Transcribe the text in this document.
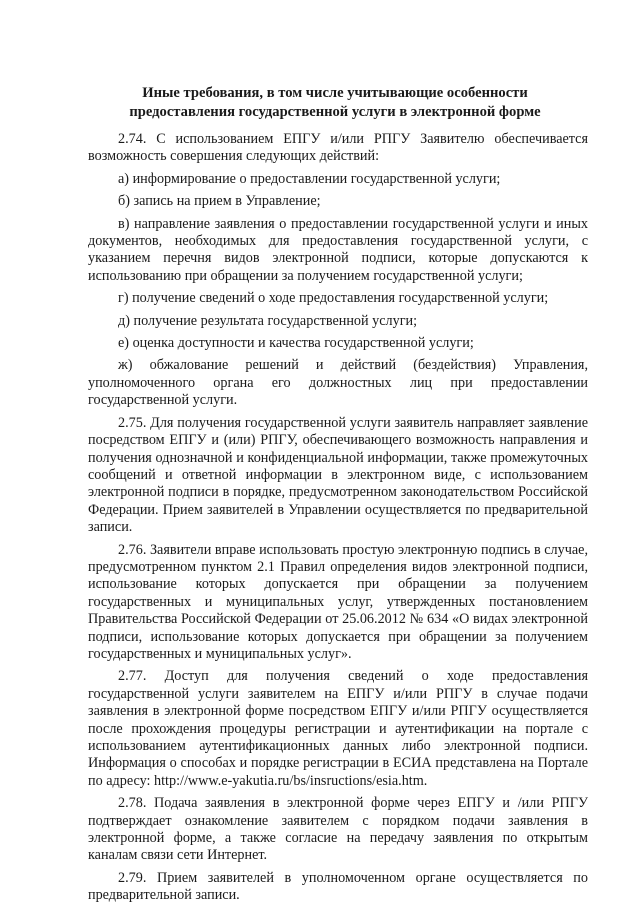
Иные требования, в том числе учитывающие особенности
предоставления государственной услуги в электронной форме

2.74. С использованием ЕПГУ и/или РПГУ Заявителю обеспечивается возможность совершения следующих действий:

а) информирование о предоставлении государственной услуги;

б) запись на прием в Управление;

в) направление заявления о предоставлении государственной услуги и иных документов, необходимых для предоставления государственной услуги, с указанием перечня видов электронной подписи, которые допускаются к использованию при обращении за получением государственной услуги;

г) получение сведений о ходе предоставления государственной услуги;

д) получение результата государственной услуги;

е) оценка доступности и качества государственной услуги;

ж) обжалование решений и действий (бездействия) Управления, уполномоченного органа его должностных лиц при предоставлении государственной услуги.

2.75. Для получения государственной услуги заявитель направляет заявление посредством ЕПГУ и (или) РПГУ, обеспечивающего возможность направления и получения однозначной и конфиденциальной информации, также промежуточных сообщений и ответной информации в электронном виде, с использованием электронной подписи в порядке, предусмотренном законодательством Российской Федерации. Прием заявителей в Управлении осуществляется по предварительной записи.

2.76. Заявители вправе использовать простую электронную подпись в случае, предусмотренном пунктом 2.1 Правил определения видов электронной подписи, использование которых допускается при обращении за получением государственных и муниципальных услуг, утвержденных постановлением Правительства Российской Федерации от 25.06.2012 № 634 «О видах электронной подписи, использование которых допускается при обращении за получением государственных и муниципальных услуг».

2.77. Доступ для получения сведений о ходе предоставления государственной услуги заявителем на ЕПГУ и/или РПГУ в случае подачи заявления в электронной форме посредством ЕПГУ и/или РПГУ осуществляется после прохождения процедуры регистрации и аутентификации на портале с использованием аутентификационных данных либо электронной подписи. Информация о способах и порядке регистрации в ЕСИА представлена на Портале по адресу: http://www.e-yakutia.ru/bs/insructions/esia.htm.

2.78. Подача заявления в электронной форме через ЕПГУ и /или РПГУ подтверждает ознакомление заявителем с порядком подачи заявления в электронной форме, а также согласие на передачу заявления по открытым каналам связи сети Интернет.

2.79. Прием заявителей в уполномоченном органе осуществляется по предварительной записи.
